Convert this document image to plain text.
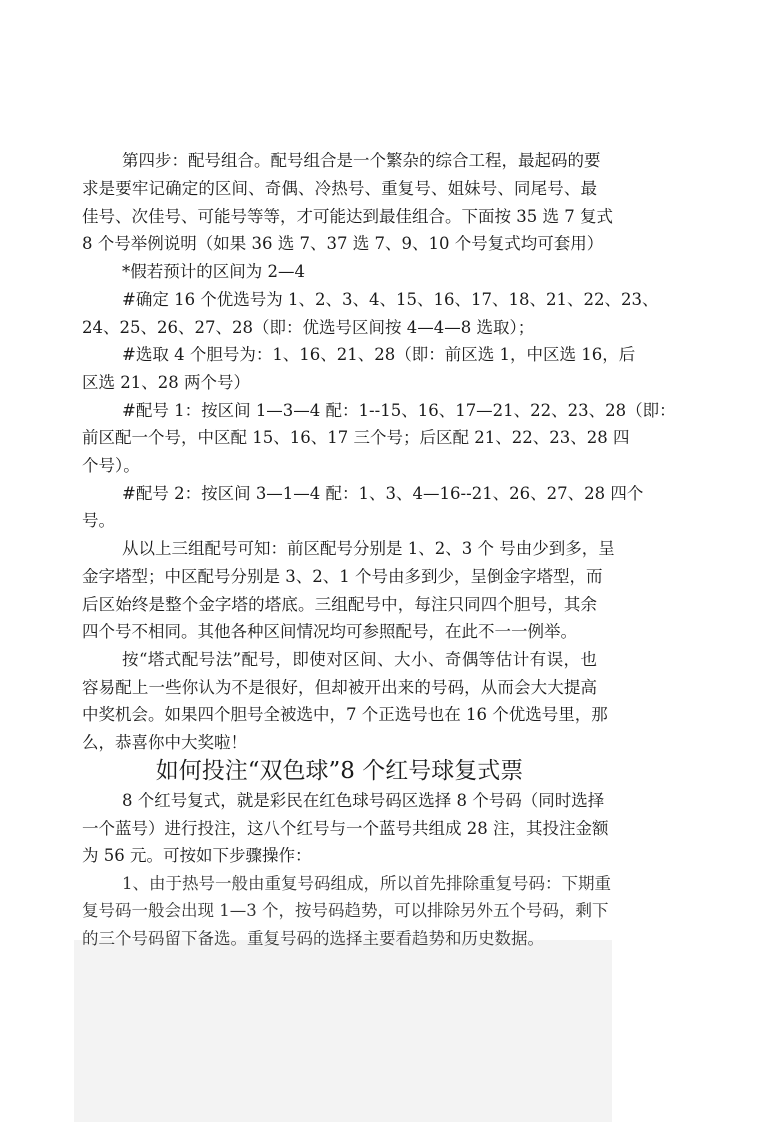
第四步：配号组合。配号组合是一个繁杂的综合工程，最起码的要
求是要牢记确定的区间、奇偶、冷热号、重复号、姐妹号、同尾号、最
佳号、次佳号、可能号等等，才可能达到最佳组合。下面按 35 选 7 复式
8 个号举例说明（如果 36 选 7、37 选 7、9、10 个号复式均可套用）
*假若预计的区间为 2—4
#确定 16 个优选号为 1、2、3、4、15、16、17、18、21、22、23、
24、25、26、27、28（即：优选号区间按 4—4—8 选取）；
#选取 4 个胆号为：1、16、21、28（即：前区选 1，中区选 16，后
区选 21、28 两个号）
#配号 1：按区间 1—3—4 配：1--15、16、17—21、22、23、28（即：
前区配一个号，中区配 15、16、17 三个号；后区配 21、22、23、28 四
个号）。
#配号 2：按区间 3—1—4 配：1、3、4—16--21、26、27、28 四个
号。
从以上三组配号可知：前区配号分别是 1、2、3 个 号由少到多，呈
金字塔型；中区配号分别是 3、2、1 个号由多到少，呈倒金字塔型，而
后区始终是整个金字塔的塔底。三组配号中，每注只同四个胆号，其余
四个号不相同。其他各种区间情况均可参照配号，在此不一一例举。
按“塔式配号法”配号，即使对区间、大小、奇偶等估计有误，也
容易配上一些你认为不是很好，但却被开出来的号码，从而会大大提高
中奖机会。如果四个胆号全被选中，7 个正选号也在 16 个优选号里，那
么，恭喜你中大奖啦！
如何投注“双色球”8 个红号球复式票
8 个红号复式，就是彩民在红色球号码区选择 8 个号码（同时选择
一个蓝号）进行投注，这八个红号与一个蓝号共组成 28 注，其投注金额
为 56 元。可按如下步骤操作：
1、由于热号一般由重复号码组成，所以首先排除重复号码：下期重
复号码一般会出现 1—3 个，按号码趋势，可以排除另外五个号码，剩下
的三个号码留下备选。重复号码的选择主要看趋势和历史数据。
